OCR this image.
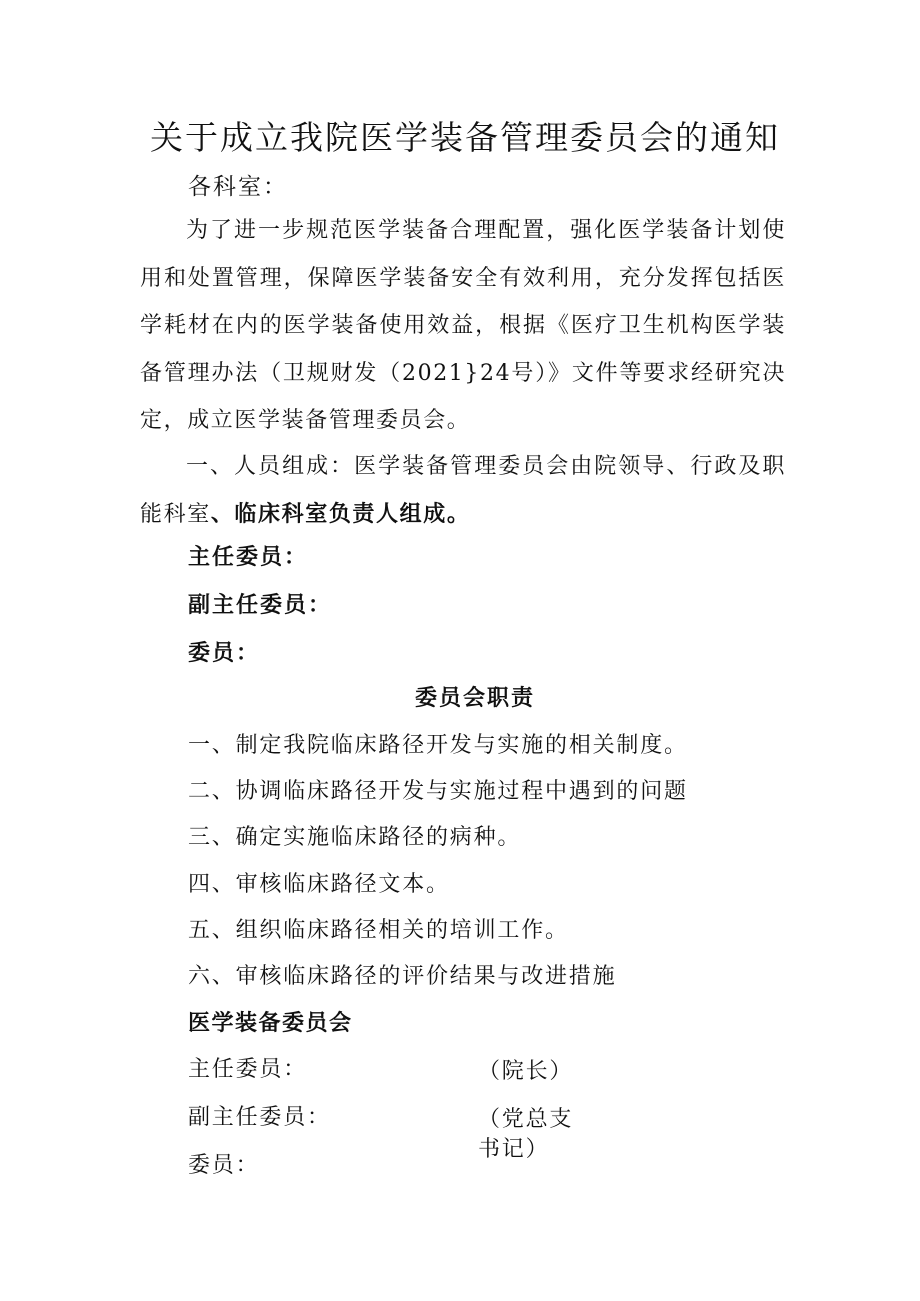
关于成立我院医学装备管理委员会的通知
各科室：

为了进一步规范医学装备合理配置，强化医学装备计划使用和处置管理，保障医学装备安全有效利用，充分发挥包括医学耗材在内的医学装备使用效益，根据《医疗卫生机构医学装备管理办法（卫规财发（2021}24号）》文件等要求经研究决定，成立医学装备管理委员会。

一、人员组成：医学装备管理委员会由院领导、行政及职能科室、临床科室负责人组成。

主任委员：
副主任委员：
委员：
委员会职责
一、制定我院临床路径开发与实施的相关制度。
二、协调临床路径开发与实施过程中遇到的问题
三、确定实施临床路径的病种。
四、审核临床路径文本。
五、组织临床路径相关的培训工作。
六、审核临床路径的评价结果与改进措施
医学装备委员会
主任委员：	（院长）
副主任委员：	（党总支书记）
委员：
